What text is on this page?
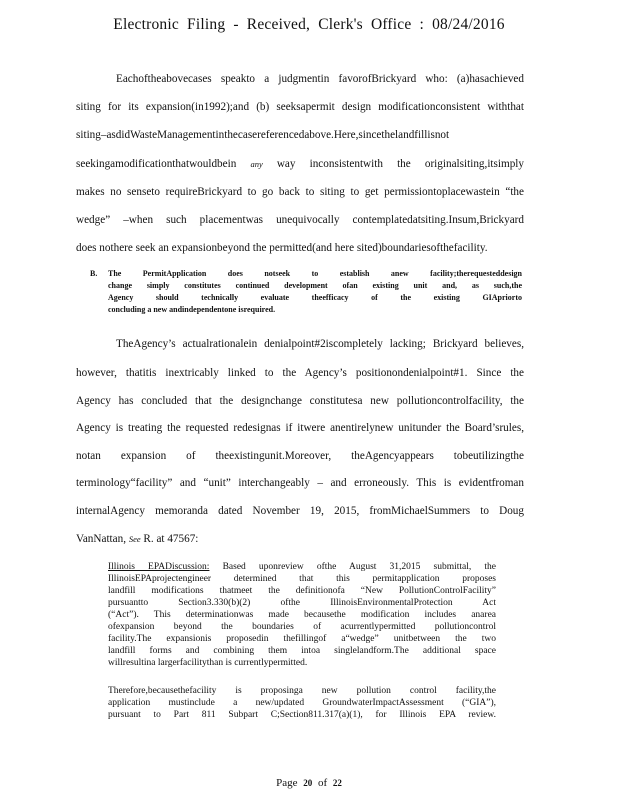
Electronic Filing - Received, Clerk's Office : 08/24/2016
Eachoftheabovecases speakto a judgmentin favorofBrickyard who: (a)hasachieved
siting for its expansion(in1992);and (b) seeksapermit design modificationconsistent withthat
siting–asdidWasteManagementinthecasereferencedabove.Here,sincethelandfillisnot
seekingamodificationthatwouldbein any way inconsistentwith the originalsiting,itsimply
makes no senseto requireBrickyard to go back to siting to get permissiontoplacewastein “the
wedge” –when such placementwas unequivocally contemplatedatsiting.Insum,Brickyard
does nothere seek an expansionbeyond the permitted(and here sited)boundariesofthefacility.
B. The PermitApplication does notseek to establish anew facility;therequesteddesign
change simply constitutes continued development ofan existing unit and, as such,the
Agency should technically evaluate theefficacy of the existing GIApriorto
concluding a new andindependentone isrequired.
TheAgency’s actualrationalein denialpoint#2iscompletely lacking; Brickyard believes,
however, thatitis inextricably linked to the Agency’s positionondenialpoint#1. Since the
Agency has concluded that the designchange constitutesa new pollutioncontrolfacility, the
Agency is treating the requested redesignas if itwere anentirelynew unitunder the Board’srules,
notan expansion of theexistingunit.Moreover, theAgencyappears tobeutilizingthe
terminology“facility” and “unit” interchangeably – and erroneously. This is evidentfroman
internalAgency memoranda dated November 19, 2015, fromMichaelSummers to Doug
VanNattan, See R. at 47567:
Illinois EPADiscussion: Based uponreview ofthe August 31,2015 submittal, the
IllinoisEPAprojectengineer determined that this permitapplication proposes
landfill modifications thatmeet the definitionofa “New PollutionControlFacility”
pursuantto Section3.330(b)(2) ofthe IllinoisEnvironmentalProtection Act
(“Act”). This determinationwas made becausethe modification includes anarea
ofexpansion beyond the boundaries of acurrentlypermitted pollutioncontrol
facility.The expansionis proposedin thefillingof a“wedge” unitbetween the two
landfill forms and combining them intoa singlelandform.The additional space
willresultina largerfacilitythan is currentlypermitted.
Therefore,becausethefacility is proposinga new pollution control facility,the
application mustinclude a new/updated GroundwaterImpactAssessment (“GIA”),
pursuant to Part 811 Subpart C;Section811.317(a)(1), for Illinois EPA review.
Page 20 of 22
